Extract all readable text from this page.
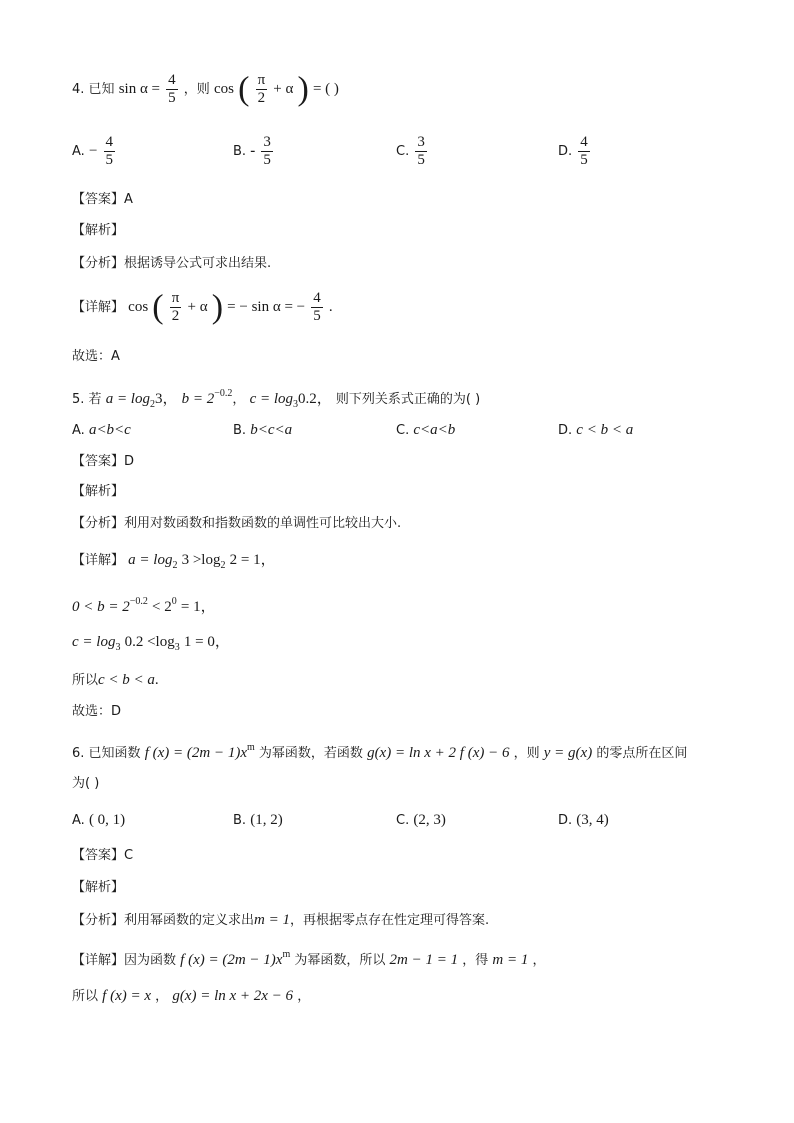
4. 已知 $\sin \alpha = \frac{4}{5}$ ，则 cos ( $\frac{\pi}{2} + \alpha$ ) = ( )
A. − $\frac{4}{5}$	B. - $\frac{3}{5}$	C. $\frac{3}{5}$	D. $\frac{4}{5}$
【答案】A
【解析】
【分析】根据诱导公式可求出结果.
【详解】 cos ( $\frac{\pi}{2} + \alpha$ ) = − sin α = − $\frac{4}{5}$ .
故选：A
5. 若 $a = \log_23$， $b = 2^{-0.2}$， $c = \log_30.2$， 则下列关系式正确的为( )
A. a<b<c	B. b<c<a	C. c<a<b	D. c < b < a
【答案】D
【解析】
【分析】利用对数函数和指数函数的单调性可比较出大小.
【详解】 $a = \log_2 3 >\log_2$ 2 = 1，
$0 < b = 2^{-0.2} < 2^0 = 1$，
$c = \log_3 0.2 <\log_3$ 1 = 0，
所以c < b < a.
故选：D
6. 已知函数 f $(x) = (2m - 1)x^m$ 为幂函数，若函数 g(x) = ln x + 2 f (x) − 6 ，则 y = g(x) 的零点所在区间
为( )
A. ( 0, 1)	B. (1, 2)	C. (2, 3)	D. (3, 4)
【答案】C
【解析】
【分析】利用幂函数的定义求出m = 1，再根据零点存在性定理可得答案.
【详解】因为函数 f $(x) = (2m - 1)x^m$ 为幂函数，所以 2m − 1 = 1 ，得 m = 1 ，
所以 f (x) = x ， g(x) = ln x + 2x − 6 ，
